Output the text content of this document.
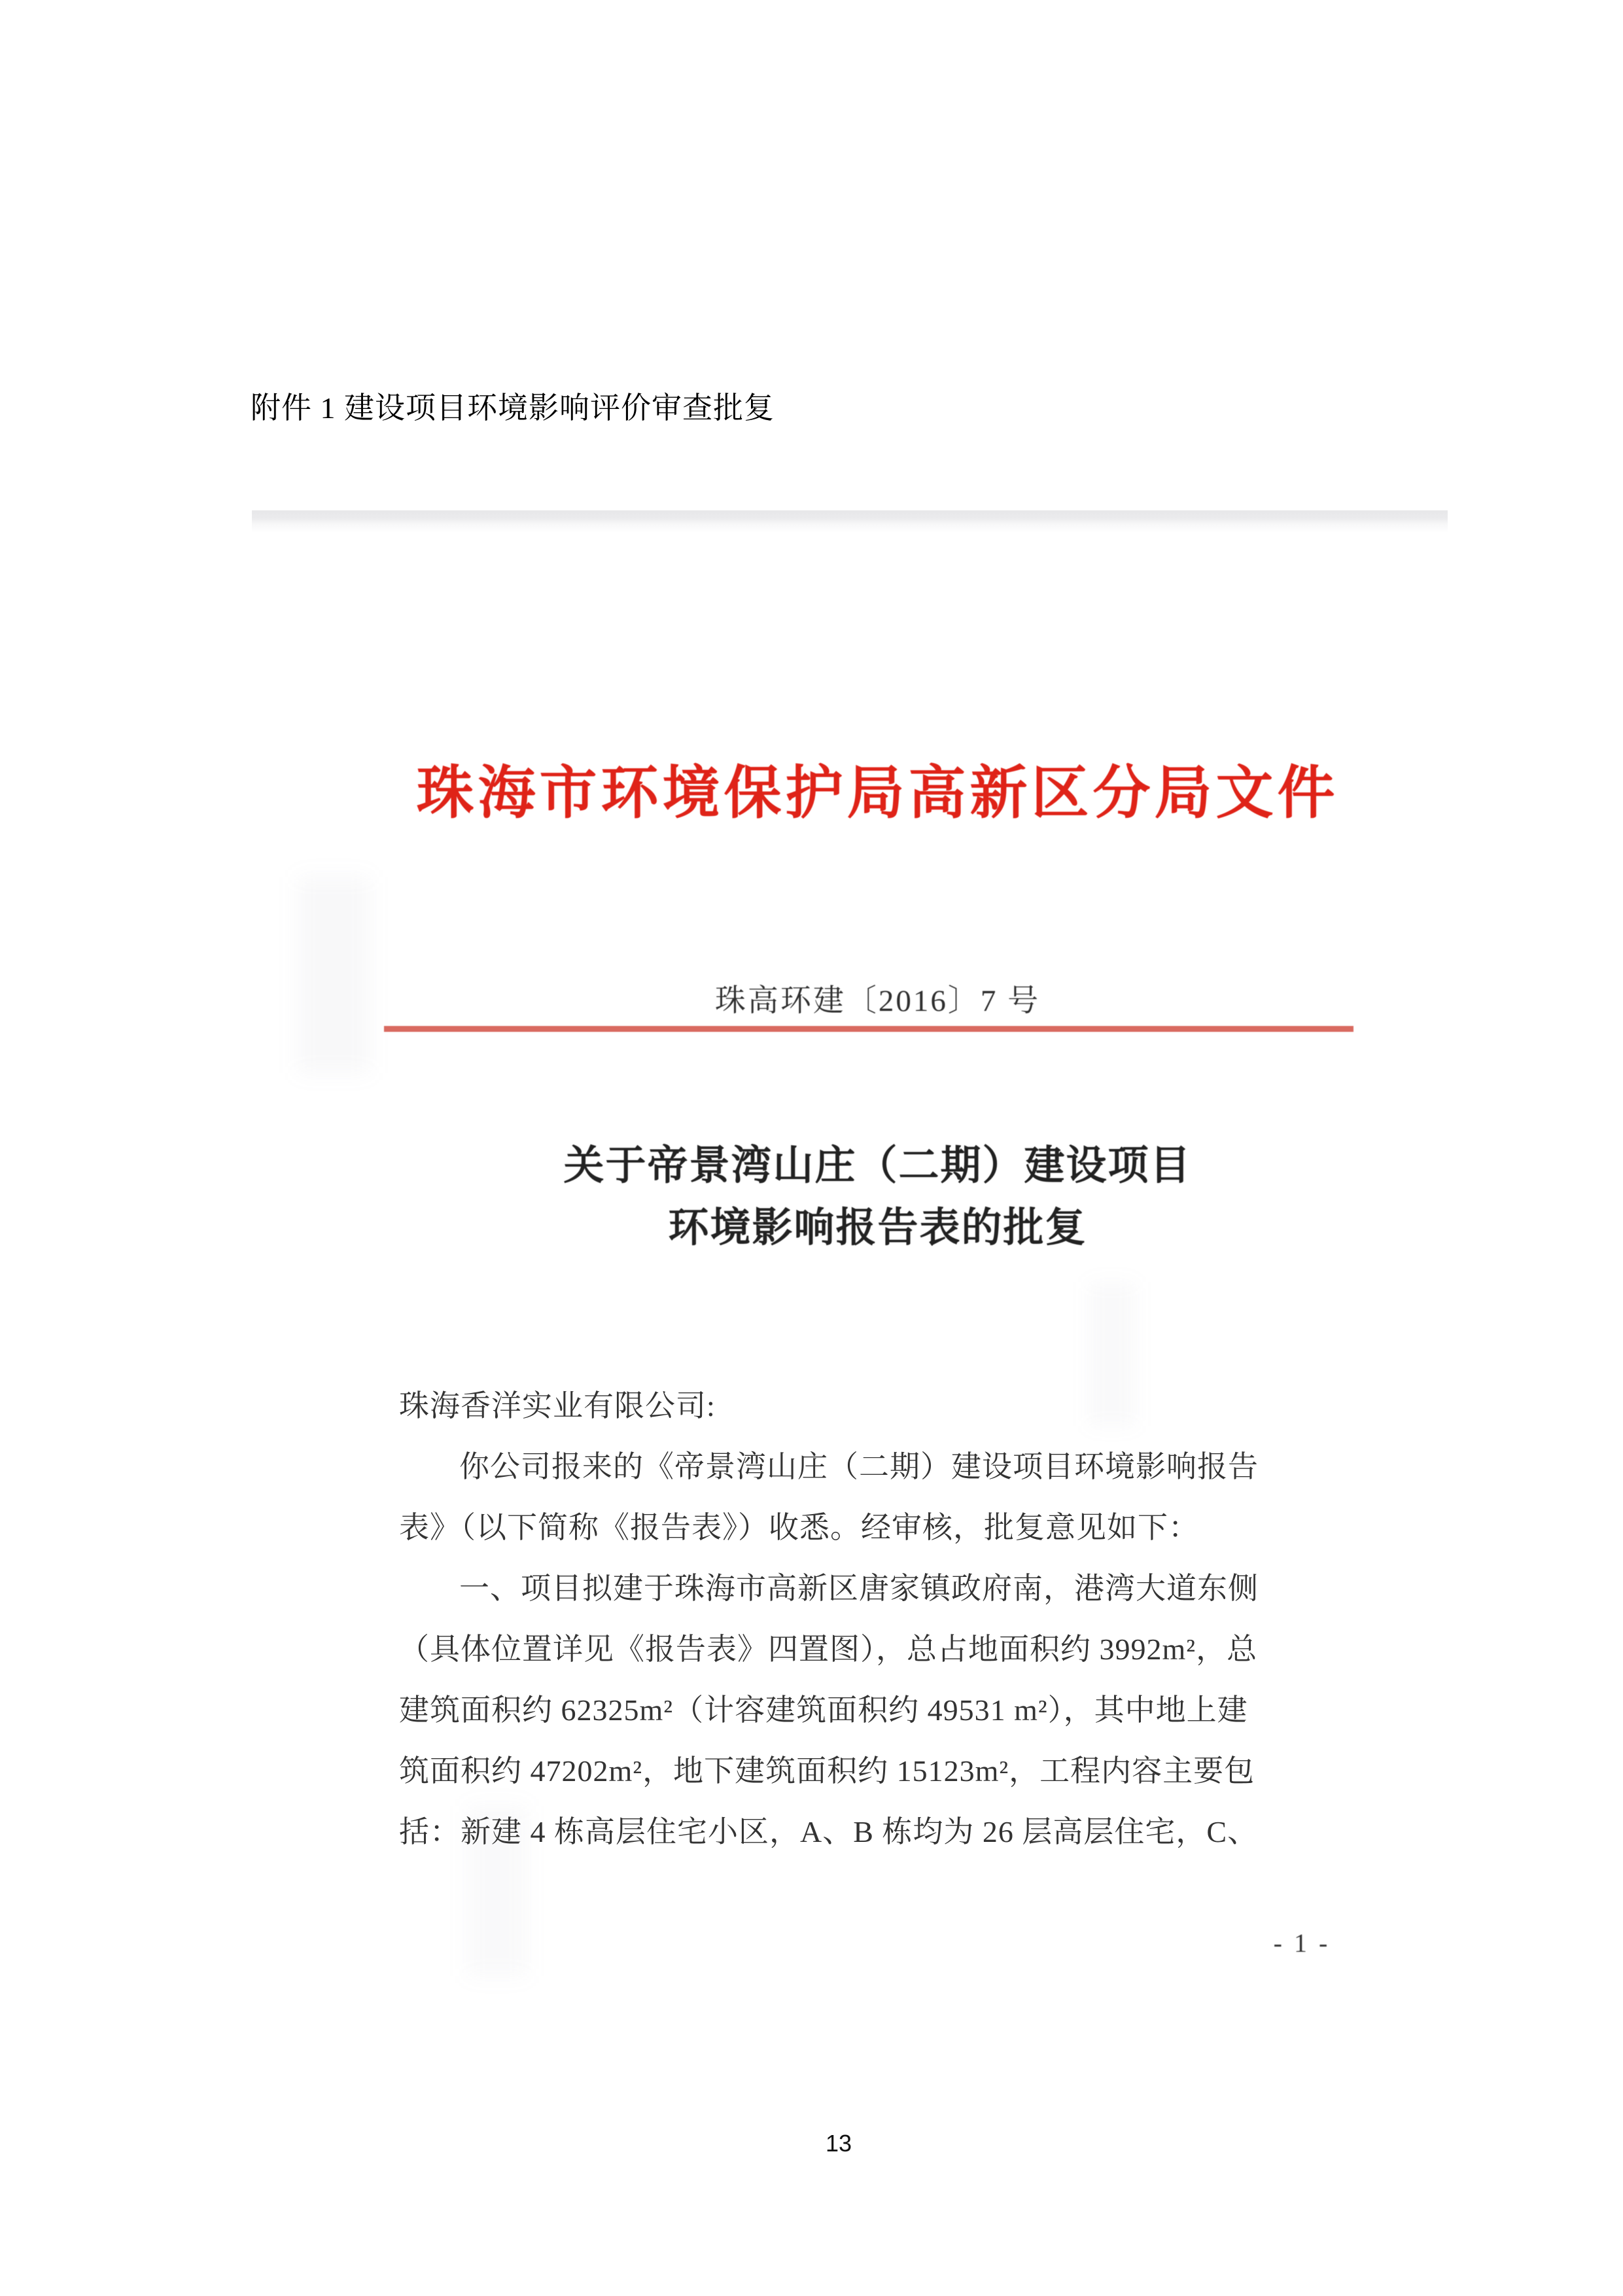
附件 1 建设项目环境影响评价审查批复
珠海市环境保护局高新区分局文件
珠高环建〔2016〕7 号
关于帝景湾山庄（二期）建设项目
环境影响报告表的批复
珠海香洋实业有限公司:
你公司报来的《帝景湾山庄（二期）建设项目环境影响报告
表》（以下简称《报告表》）收悉。经审核，批复意见如下：
一、项目拟建于珠海市高新区唐家镇政府南，港湾大道东侧
（具体位置详见《报告表》四置图），总占地面积约 3992m²，总
建筑面积约 62325m²（计容建筑面积约 49531 m²），其中地上建
筑面积约 47202m²，地下建筑面积约 15123m²，工程内容主要包
括：新建 4 栋高层住宅小区，A、B 栋均为 26 层高层住宅，C、
- 1 -
13
